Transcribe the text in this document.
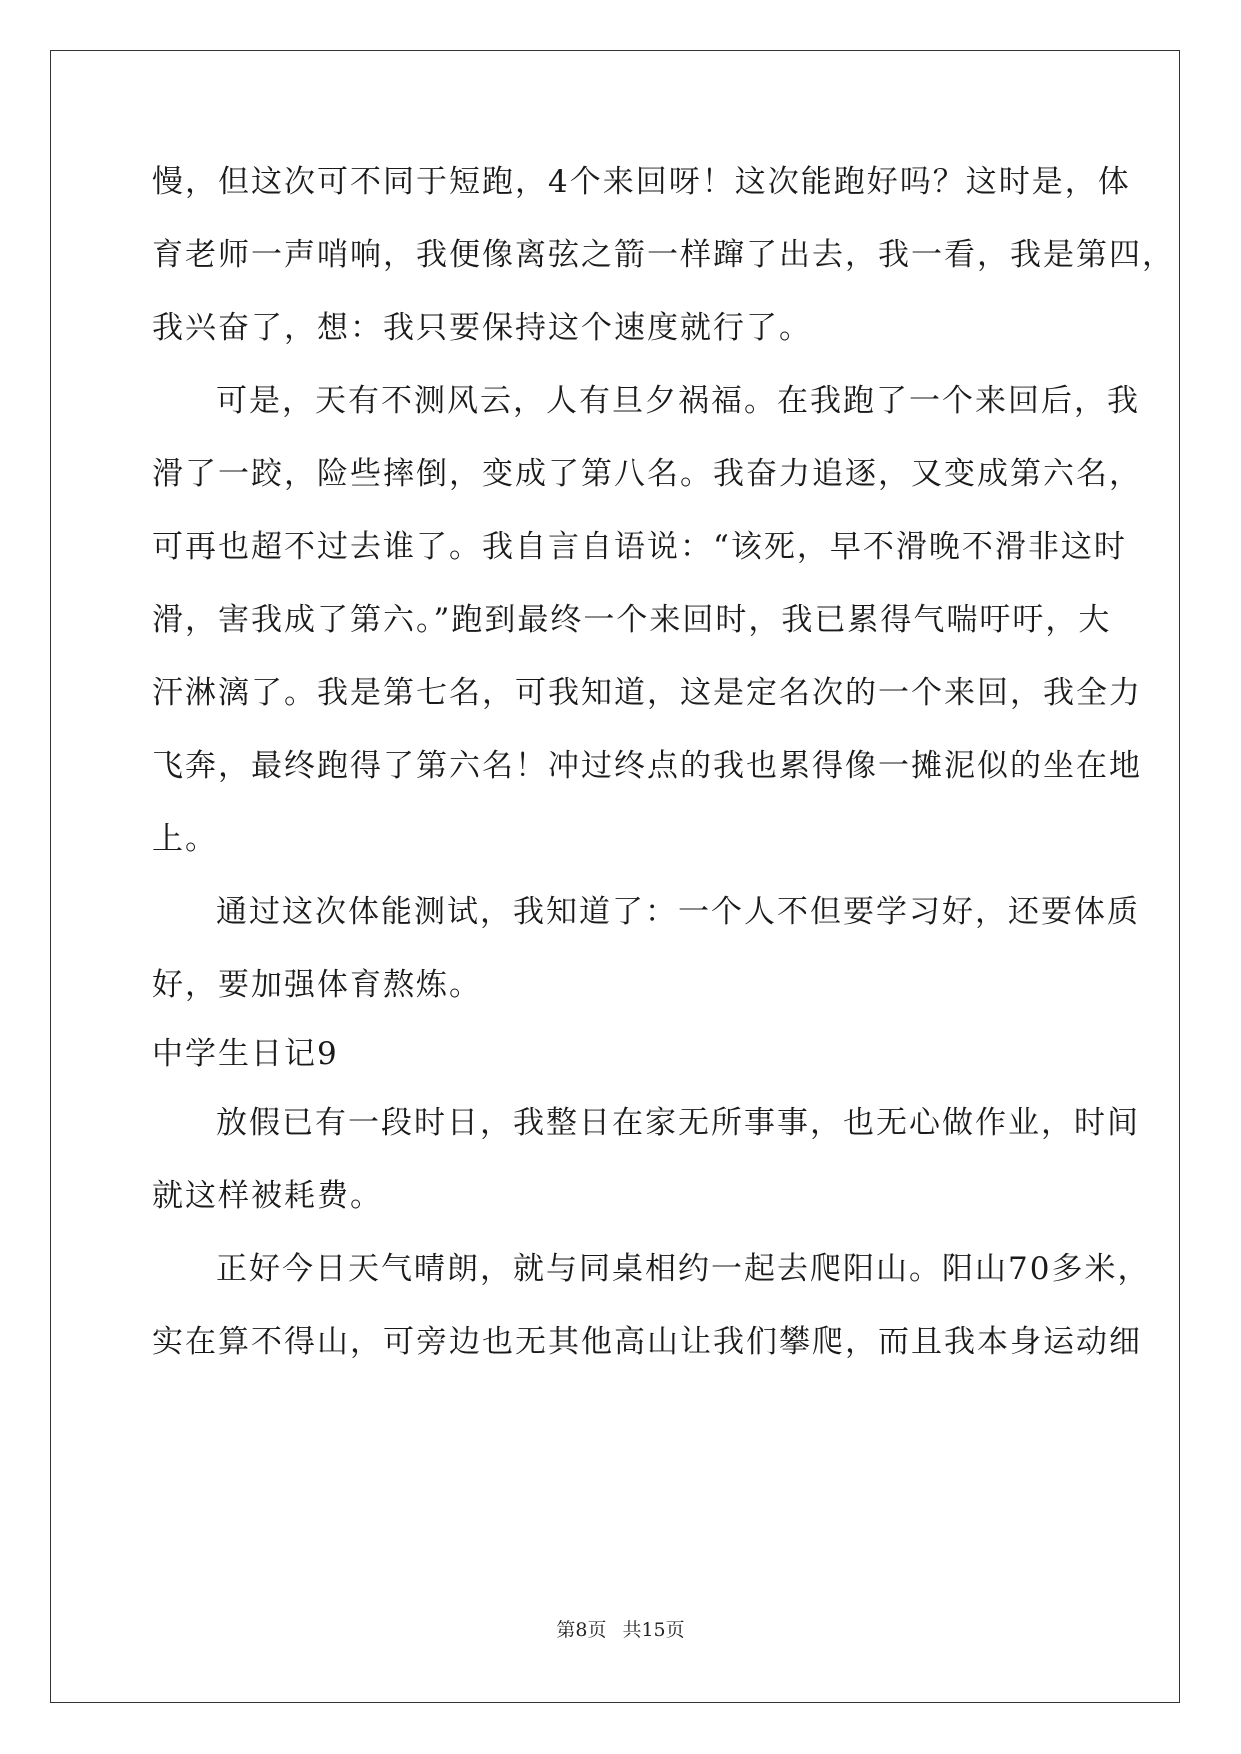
慢，但这次可不同于短跑，4个来回呀！这次能跑好吗？这时是，体
育老师一声哨响，我便像离弦之箭一样蹿了出去，我一看，我是第四，
我兴奋了，想：我只要保持这个速度就行了。
可是，天有不测风云，人有旦夕祸福。在我跑了一个来回后，我
滑了一跤，险些摔倒，变成了第八名。我奋力追逐，又变成第六名，
可再也超不过去谁了。我自言自语说：“该死，早不滑晚不滑非这时
滑，害我成了第六。”跑到最终一个来回时，我已累得气喘吁吁，大
汗淋漓了。我是第七名，可我知道，这是定名次的一个来回，我全力
飞奔，最终跑得了第六名！冲过终点的我也累得像一摊泥似的坐在地
上。
通过这次体能测试，我知道了：一个人不但要学习好，还要体质
好，要加强体育熬炼。
中学生日记9
放假已有一段时日，我整日在家无所事事，也无心做作业，时间
就这样被耗费。
正好今日天气晴朗，就与同桌相约一起去爬阳山。阳山70多米，
实在算不得山，可旁边也无其他高山让我们攀爬，而且我本身运动细
第8页 共15页
